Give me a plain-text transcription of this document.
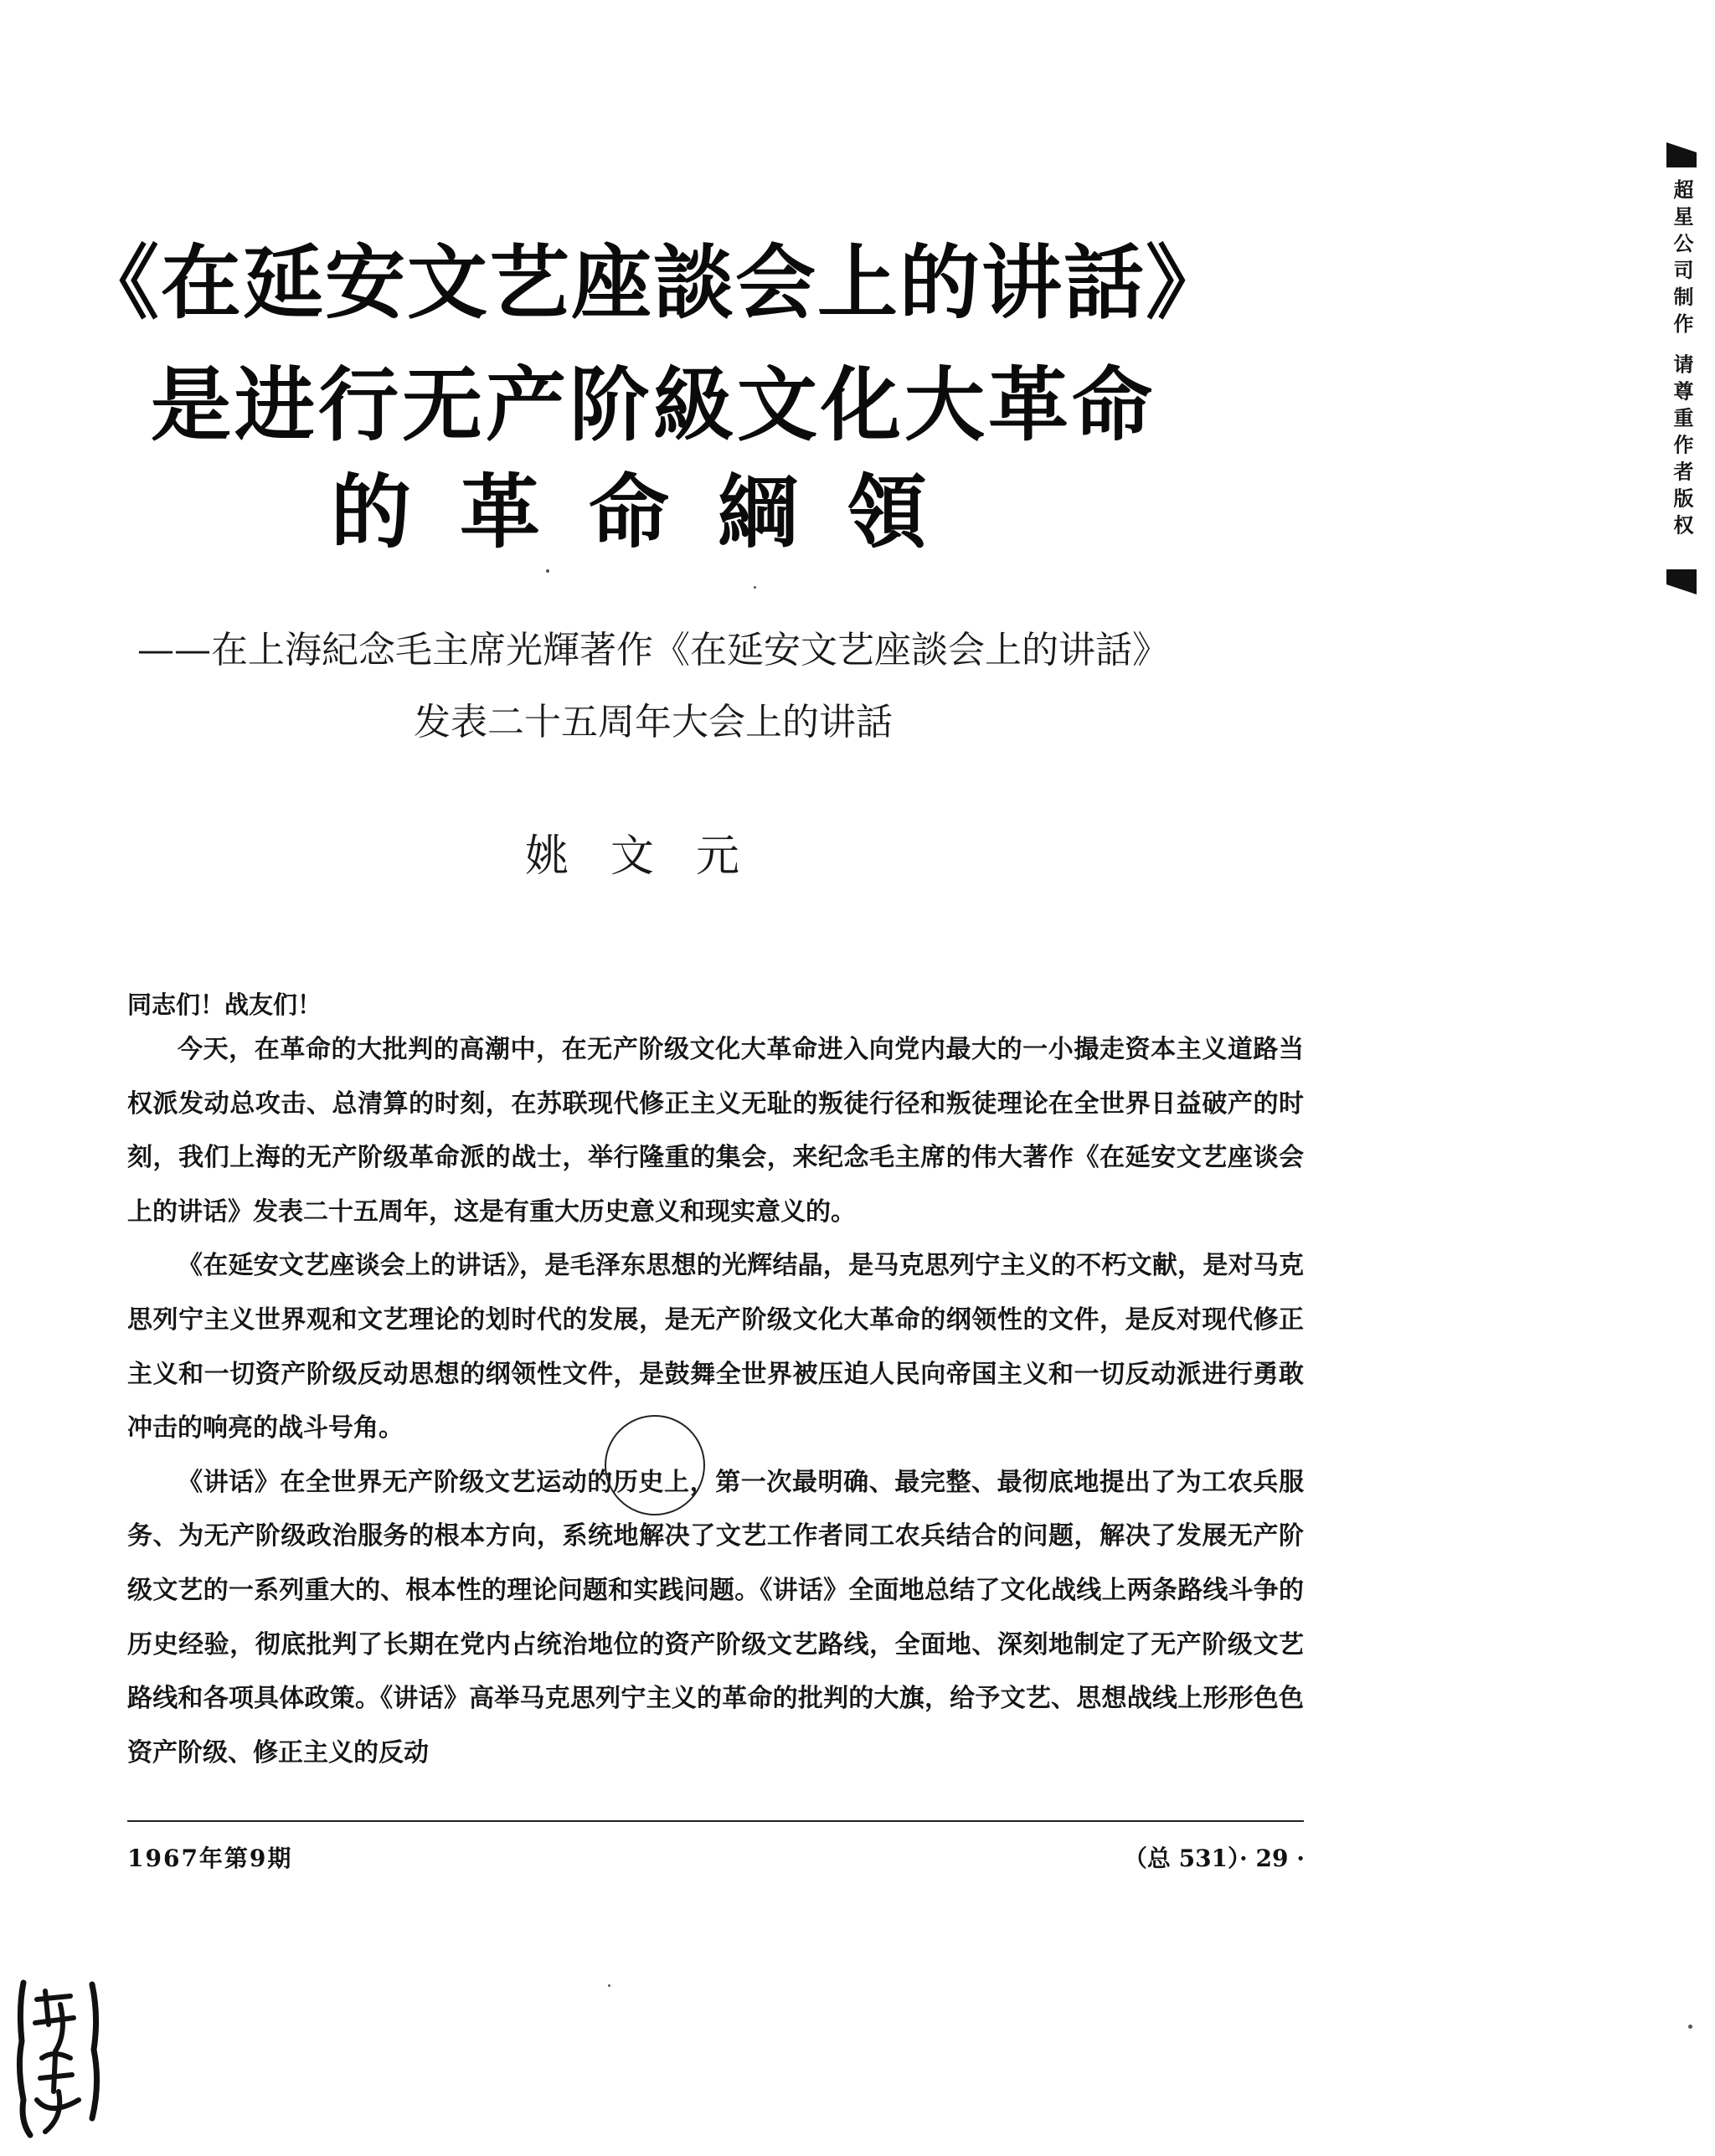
《在延安文艺座談会上的讲話》
是进行无产阶級文化大革命
的革命綱領
——在上海紀念毛主席光輝著作《在延安文艺座談会上的讲話》
发表二十五周年大会上的讲話
姚文元
同志们！战友们！

今天，在革命的大批判的高潮中，在无产阶级文化大革命进入向党内最大的一小撮走资本主义道路当权派发动总攻击、总清算的时刻，在苏联现代修正主义无耻的叛徒行径和叛徒理论在全世界日益破产的时刻，我们上海的无产阶级革命派的战士，举行隆重的集会，来纪念毛主席的伟大著作《在延安文艺座谈会上的讲话》发表二十五周年，这是有重大历史意义和现实意义的。

《在延安文艺座谈会上的讲话》，是毛泽东思想的光辉结晶，是马克思列宁主义的不朽文献，是对马克思列宁主义世界观和文艺理论的划时代的发展，是无产阶级文化大革命的纲领性的文件，是反对现代修正主义和一切资产阶级反动思想的纲领性文件，是鼓舞全世界被压迫人民向帝国主义和一切反动派进行勇敢冲击的响亮的战斗号角。

《讲话》在全世界无产阶级文艺运动的历史上，第一次最明确、最完整、最彻底地提出了为工农兵服务、为无产阶级政治服务的根本方向，系统地解决了文艺工作者同工农兵结合的问题，解决了发展无产阶级文艺的一系列重大的、根本性的理论问题和实践问题。《讲话》全面地总结了文化战线上两条路线斗争的历史经验，彻底批判了长期在党内占统治地位的资产阶级文艺路线，全面地、深刻地制定了无产阶级文艺路线和各项具体政策。《讲话》高举马克思列宁主义的革命的批判的大旗，给予文艺、思想战线上形形色色资产阶级、修正主义的反动

1967年第9期	（总 531）· 29 ·
超星公司制作 请尊重作者版权
